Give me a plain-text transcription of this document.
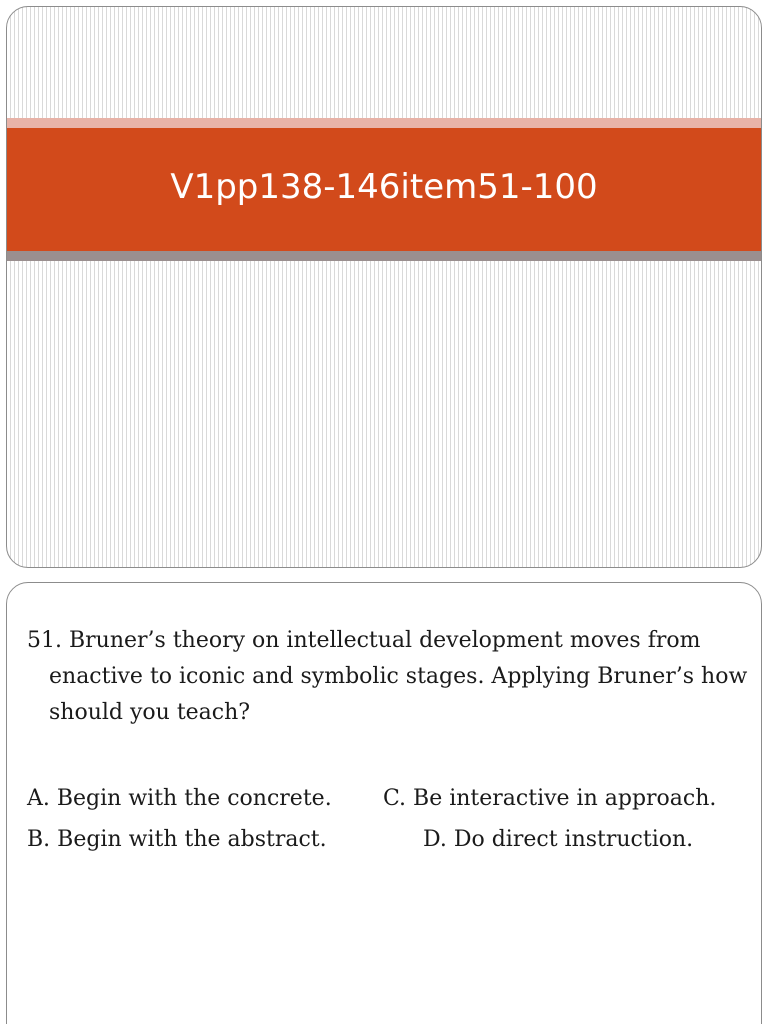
V1pp138-146item51-100

51. Bruner’s theory on intellectual development moves from enactive to iconic and symbolic stages. Applying Bruner’s how should you teach?

A. Begin with the concrete. C. Be interactive in approach.
B. Begin with the abstract.	D. Do direct instruction.
